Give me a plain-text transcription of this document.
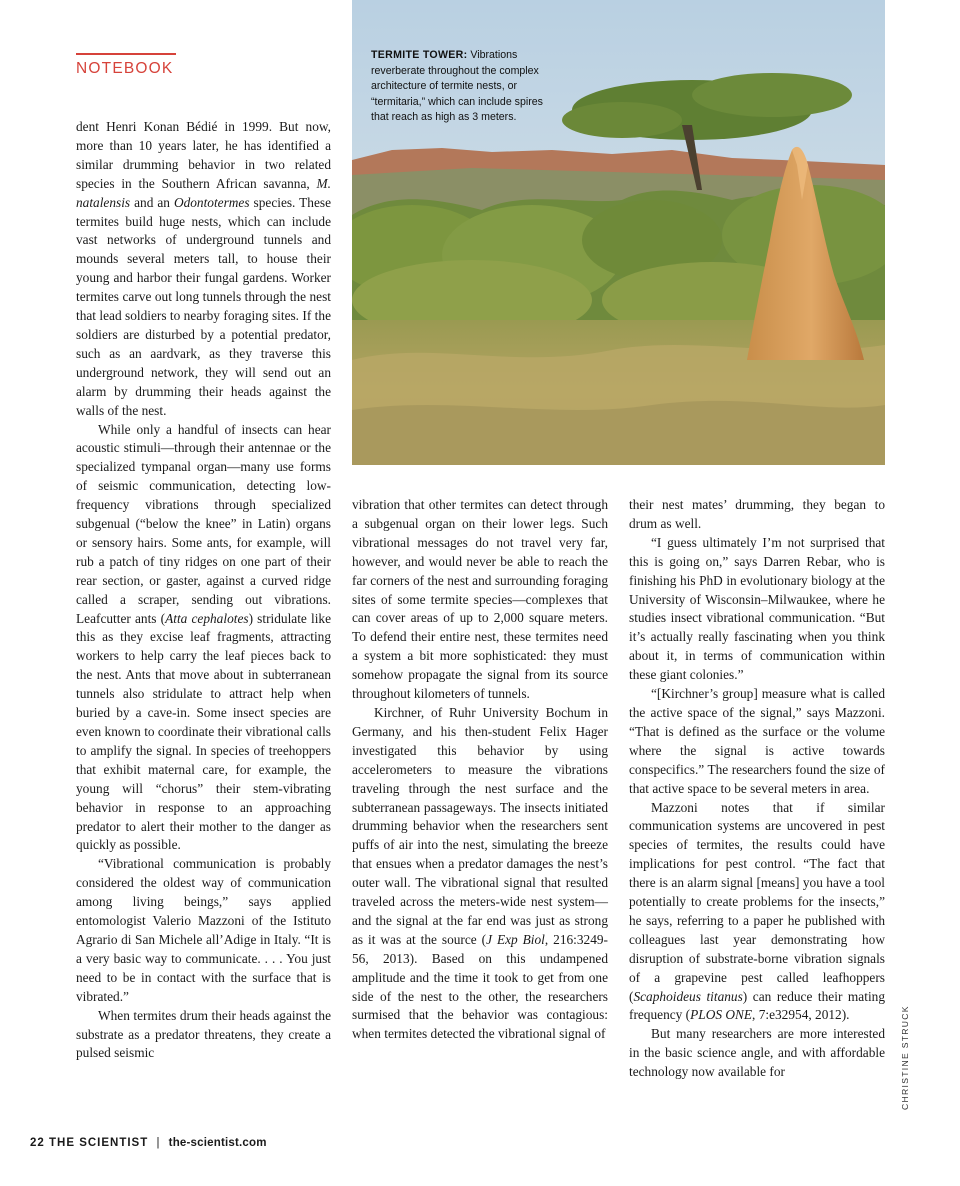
NOTEBOOK
TERMITE TOWER: Vibrations reverberate throughout the complex architecture of termite nests, or “termitaria,” which can include spires that reach as high as 3 meters.

dent Henri Konan Bédié in 1999. But now, more than 10 years later, he has identified a similar drumming behavior in two related species in the Southern African savanna, M. natalensis and an Odontotermes species. These termites build huge nests, which can include vast networks of underground tunnels and mounds several meters tall, to house their young and harbor their fungal gardens. Worker termites carve out long tunnels through the nest that lead soldiers to nearby foraging sites. If the soldiers are disturbed by a potential predator, such as an aardvark, as they traverse this underground network, they will send out an alarm by drumming their heads against the walls of the nest.

While only a handful of insects can hear acoustic stimuli—through their antennae or the specialized tympanal organ—many use forms of seismic communication, detecting low-frequency vibrations through specialized subgenual (“below the knee” in Latin) organs or sensory hairs. Some ants, for example, will rub a patch of tiny ridges on one part of their rear section, or gaster, against a curved ridge called a scraper, sending out vibrations. Leafcutter ants (Atta cephalotes) stridulate like this as they excise leaf fragments, attracting workers to help carry the leaf pieces back to the nest. Ants that move about in subterranean tunnels also stridulate to attract help when buried by a cave-in. Some insect species are even known to coordinate their vibrational calls to amplify the signal. In species of treehoppers that exhibit maternal care, for example, the young will “chorus” their stem-vibrating behavior in response to an approaching predator to alert their mother to the danger as quickly as possible.

“Vibrational communication is probably considered the oldest way of communication among living beings,” says applied entomologist Valerio Mazzoni of the Istituto Agrario di San Michele all’Adige in Italy. “It is a very basic way to communicate. . . . You just need to be in contact with the surface that is vibrated.”

When termites drum their heads against the substrate as a predator threatens, they create a pulsed seismic

vibration that other termites can detect through a subgenual organ on their lower legs. Such vibrational messages do not travel very far, however, and would never be able to reach the far corners of the nest and surrounding foraging sites of some termite species—complexes that can cover areas of up to 2,000 square meters. To defend their entire nest, these termites need a system a bit more sophisticated: they must somehow propagate the signal from its source throughout kilometers of tunnels.

Kirchner, of Ruhr University Bochum in Germany, and his then-student Felix Hager investigated this behavior by using accelerometers to measure the vibrations traveling through the nest surface and the subterranean passageways. The insects initiated drumming behavior when the researchers sent puffs of air into the nest, simulating the breeze that ensues when a predator damages the nest’s outer wall. The vibrational signal that resulted traveled across the meters-wide nest system—and the signal at the far end was just as strong as it was at the source (J Exp Biol, 216:3249-56, 2013). Based on this undampened amplitude and the time it took to get from one side of the nest to the other, the researchers surmised that the behavior was contagious: when termites detected the vibrational signal of

their nest mates’ drumming, they began to drum as well.

“I guess ultimately I’m not surprised that this is going on,” says Darren Rebar, who is finishing his PhD in evolutionary biology at the University of Wisconsin–Milwaukee, where he studies insect vibrational communication. “But it’s actually really fascinating when you think about it, in terms of communication within these giant colonies.”

“[Kirchner’s group] measure what is called the active space of the signal,” says Mazzoni. “That is defined as the surface or the volume where the signal is active towards conspecifics.” The researchers found the size of that active space to be several meters in area.

Mazzoni notes that if similar communication systems are uncovered in pest species of termites, the results could have implications for pest control. “The fact that there is an alarm signal [means] you have a tool potentially to create problems for the insects,” he says, referring to a paper he published with colleagues last year demonstrating how disruption of substrate-borne vibration signals of a grapevine pest called leafhoppers (Scaphoideus titanus) can reduce their mating frequency (PLOS ONE, 7:e32954, 2012).

But many researchers are more interested in the basic science angle, and with affordable technology now available for	CHRISTINE STRUCK
22 THE SCIENTIST | the-scientist.com
